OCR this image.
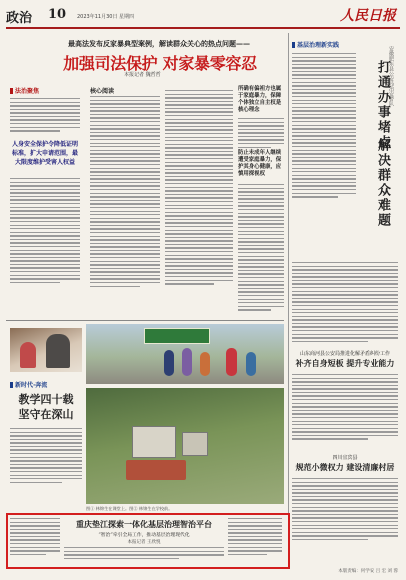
政治 10 2023年11月30日 星期四	人民日报
最高法发布反家暴典型案例，解读群众关心的热点问题——
加强司法保护 对家暴零容忍
本报记者 魏哲哲
法治聚焦
人身安全保护令降低证明标准，扩大申请范围，最大限度维护受害人权益
核心阅读	所确有偏袒方也属于家庭暴力，保障个体独立自主权是核心理念
防止未成年人继续遭受家庭暴力，保护其身心健康，应慎用探视权
基层治理新实践
安徽肥东县公安局治安警队
打通办事堵点
解决群众难题
山东商河县公安局推进化解矛盾纠纷工作
补齐自身短板 提升专业能力
四川宜宾县
规范小微权力 建设清廉村居
新时代·奔流
教学四十载
坚守在深山
图① 林锦生在课堂上。图② 林锦生在学校前。
重庆垫江探索一体化基层治理智治平台
“智治”牵引全局工作，推动基层治理现代化
本报记者 王欣悦
本版责编：何学安 吕 宏 刘 蓉
